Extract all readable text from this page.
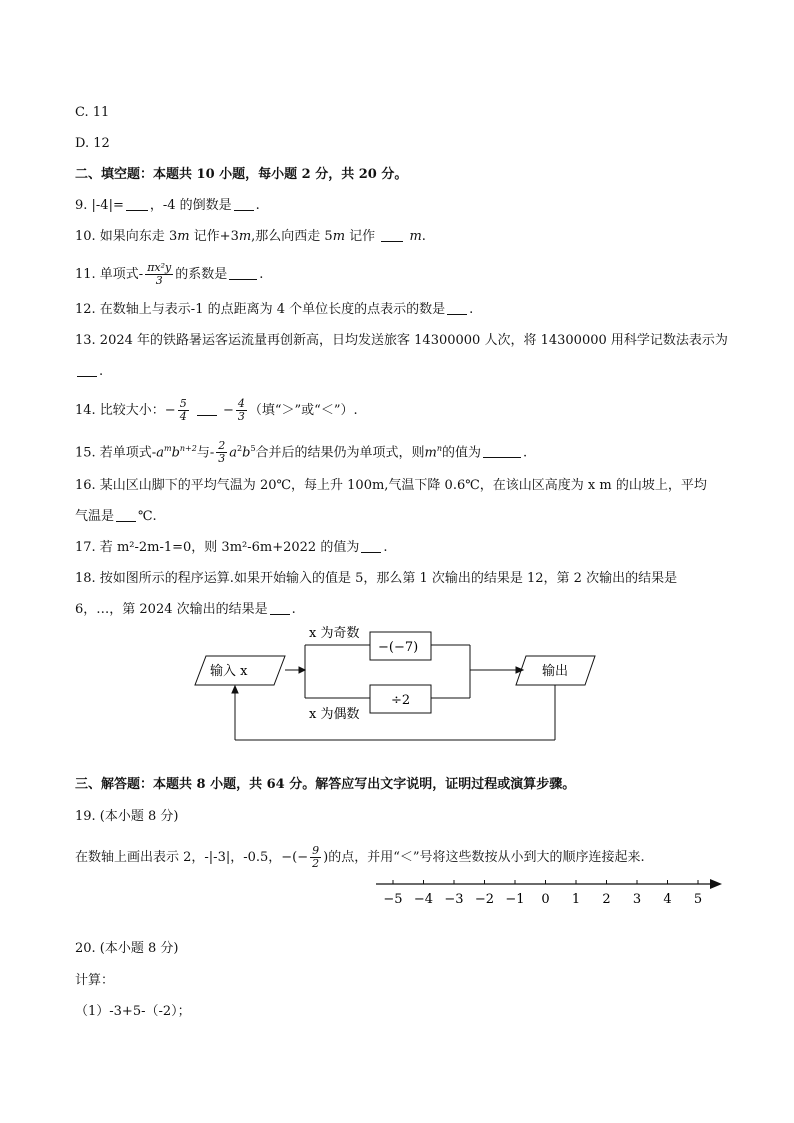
C. 11
D. 12
二、填空题：本题共 10 小题，每小题 2 分，共 20 分。
9. |-4|= ，-4 的倒数是 .
10. 如果向东走 3m 记作+3m,那么向西走 5m 记作  m.
11. 单项式- $\frac{\text{πx²y}}{3}$ 的系数是 .
12. 在数轴上与表示-1 的点距离为 4 个单位长度的点表示的数是 .
13. 2024 年的铁路暑运客运流量再创新高，日均发送旅客 14300000 人次，将 14300000 用科学记数法表示为
.
14. 比较大小：− $\frac{5}{4}$	− $\frac{4}{3}$ （填“＞”或“＜”）.
15. 若单项式$-a^mb^{n+2}$与- $\frac{2}{3} a^2b^5$合并后的结果仍为单项式，则$m^n$的值为	.
16. 某山区山脚下的平均气温为 20℃，每上升 100m,气温下降 0.6℃，在该山区高度为 x m 的山坡上，平均
气温是 ℃.
17. 若 m²-2m-1=0，则 3m²-6m+2022 的值为 .
18. 按如图所示的程序运算.如果开始输入的值是 5，那么第 1 次输出的结果是 12，第 2 次输出的结果是
6，…，第 2024 次输出的结果是 .
输入 x
x 为奇数
x 为偶数
−(−7)
÷2
输出
三、解答题：本题共 8 小题，共 64 分。解答应写出文字说明，证明过程或演算步骤。
19. (本小题 8 分)
在数轴上画出表示 2，-|-3|，-0.5，−(− $\frac{9}{2}$ )的点，并用“＜”号将这些数按从小到大的顺序连接起来.
−5 −4 −3 −2 −1 0 1 2 3 4 5
20. (本小题 8 分)
计算：
（1）-3+5-（-2）；
